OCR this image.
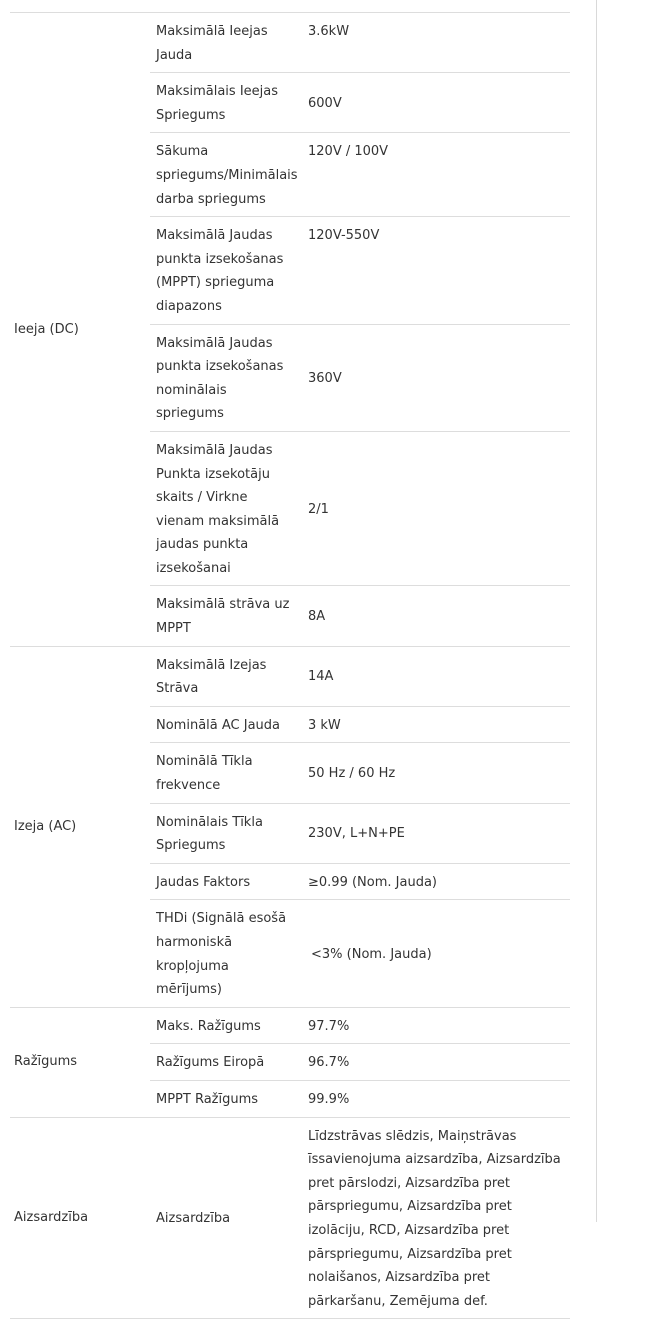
Ieeja (DC)	Maksimālā Ieejas Jauda	3.6kW
	Maksimālais Ieejas Spriegums	600V
	Sākuma spriegums/Minimālais darba spriegums	120V / 100V
	Maksimālā Jaudas punkta izsekošanas (MPPT) sprieguma diapazons	120V-550V
	Maksimālā Jaudas punkta izsekošanas nominālais spriegums	360V
	Maksimālā Jaudas Punkta izsekotāju skaits / Virkne vienam maksimālā jaudas punkta izsekošanai	2/1
	Maksimālā strāva uz MPPT	8A
Izeja (AC)	Maksimālā Izejas Strāva	14A
	Nominālā AC Jauda	3 kW
	Nominālā Tīkla frekvence	50 Hz / 60 Hz
	Nominālais Tīkla Spriegums	230V, L+N+PE
	Jaudas Faktors	≥0.99 (Nom. Jauda)
	THDi (Signālā esošā harmoniskā kropļojuma mērījums)	<3% (Nom. Jauda)
Ražīgums	Maks. Ražīgums	97.7%
	Ražīgums Eiropā	96.7%
	MPPT Ražīgums	99.9%
Aizsardzība	Aizsardzība	Līdzstrāvas slēdzis, Maiņstrāvas īssavienojuma aizsardzība, Aizsardzība pret pārslodzi, Aizsardzība pret pārspriegumu, Aizsardzība pret izolāciju, RCD, Aizsardzība pret pārspriegumu, Aizsardzība pret nolaišanos, Aizsardzība pret pārkaršanu, Zemējuma def.
